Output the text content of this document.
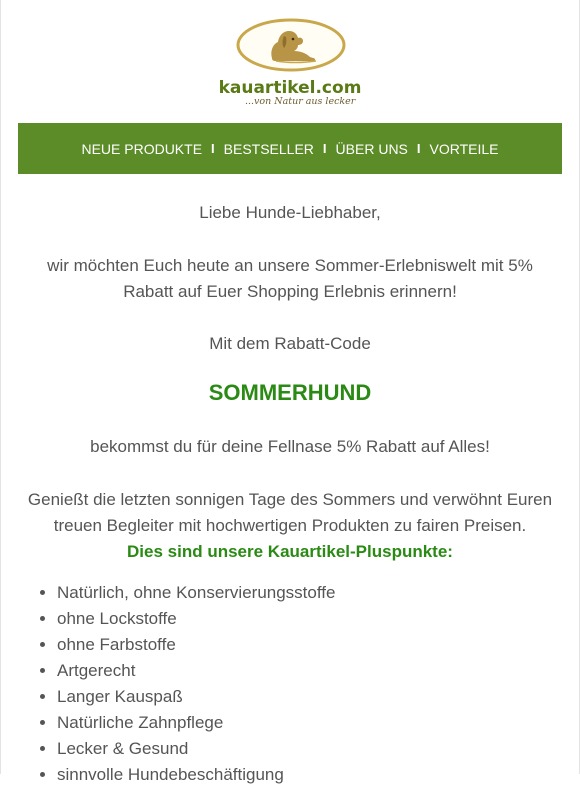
kauartikel.com
...von Natur aus lecker
NEUE PRODUKTE I BESTSELLER I ÜBER UNS I VORTEILE
Liebe Hunde-Liebhaber,
wir möchten Euch heute an unsere Sommer-Erlebniswelt mit 5% Rabatt auf Euer Shopping Erlebnis erinnern!
Mit dem Rabatt-Code
SOMMERHUND
bekommst du für deine Fellnase 5% Rabatt auf Alles!
Genießt die letzten sonnigen Tage des Sommers und verwöhnt Euren treuen Begleiter mit hochwertigen Produkten zu fairen Preisen.
Dies sind unsere Kauartikel-Pluspunkte:
• Natürlich, ohne Konservierungsstoffe
• ohne Lockstoffe
• ohne Farbstoffe
• Artgerecht
• Langer Kauspaß
• Natürliche Zahnpflege
• Lecker & Gesund
• sinnvolle Hundebeschäftigung
